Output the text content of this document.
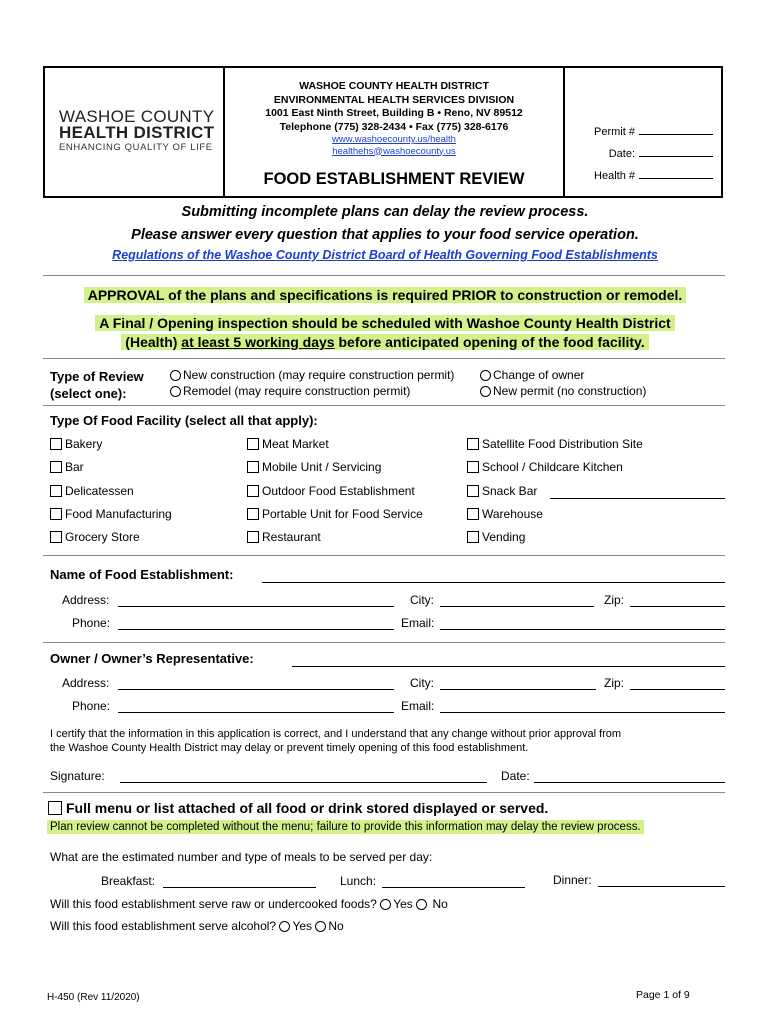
WASHOE COUNTY
HEALTH DISTRICT
ENHANCING QUALITY OF LIFE
WASHOE COUNTY HEALTH DISTRICT
ENVIRONMENTAL HEALTH SERVICES DIVISION
1001 East Ninth Street, Building B • Reno, NV 89512
Telephone (775) 328-2434 • Fax (775) 328-6176
www.washoecounty.us/health
healthehs@washoecounty.us
FOOD ESTABLISHMENT REVIEW
Permit #
Date:
Health #
Submitting incomplete plans can delay the review process.
Please answer every question that applies to your food service operation.
Regulations of the Washoe County District Board of Health Governing Food Establishments
APPROVAL of the plans and specifications is required PRIOR to construction or remodel.
A Final / Opening inspection should be scheduled with Washoe County Health District
(Health) at least 5 working days before anticipated opening of the food facility.
Type of Review
(select one):
New construction (may require construction permit)
Remodel (may require construction permit)
Change of owner
New permit (no construction)
Type Of Food Facility (select all that apply):
Bakery
Bar
Delicatessen
Food Manufacturing
Grocery Store
Meat Market
Mobile Unit / Servicing
Outdoor Food Establishment
Portable Unit for Food Service
Restaurant
Satellite Food Distribution Site
School / Childcare Kitchen
Snack Bar
Warehouse
Vending
Name of Food Establishment:
Address:	City:	Zip:
Phone:	Email:
Owner / Owner’s Representative:
Address:	City:	Zip:
Phone:	Email:
I certify that the information in this application is correct, and I understand that any change without prior approval from
the Washoe County Health District may delay or prevent timely opening of this food establishment.
Signature:	Date:
Full menu or list attached of all food or drink stored displayed or served.
Plan review cannot be completed without the menu; failure to provide this information may delay the review process.
What are the estimated number and type of meals to be served per day:
Breakfast:	Lunch:	Dinner:
Will this food establishment serve raw or undercooked foods? Yes No
Will this food establishment serve alcohol? Yes No
H-450 (Rev 11/2020)	Page 1 of 9
